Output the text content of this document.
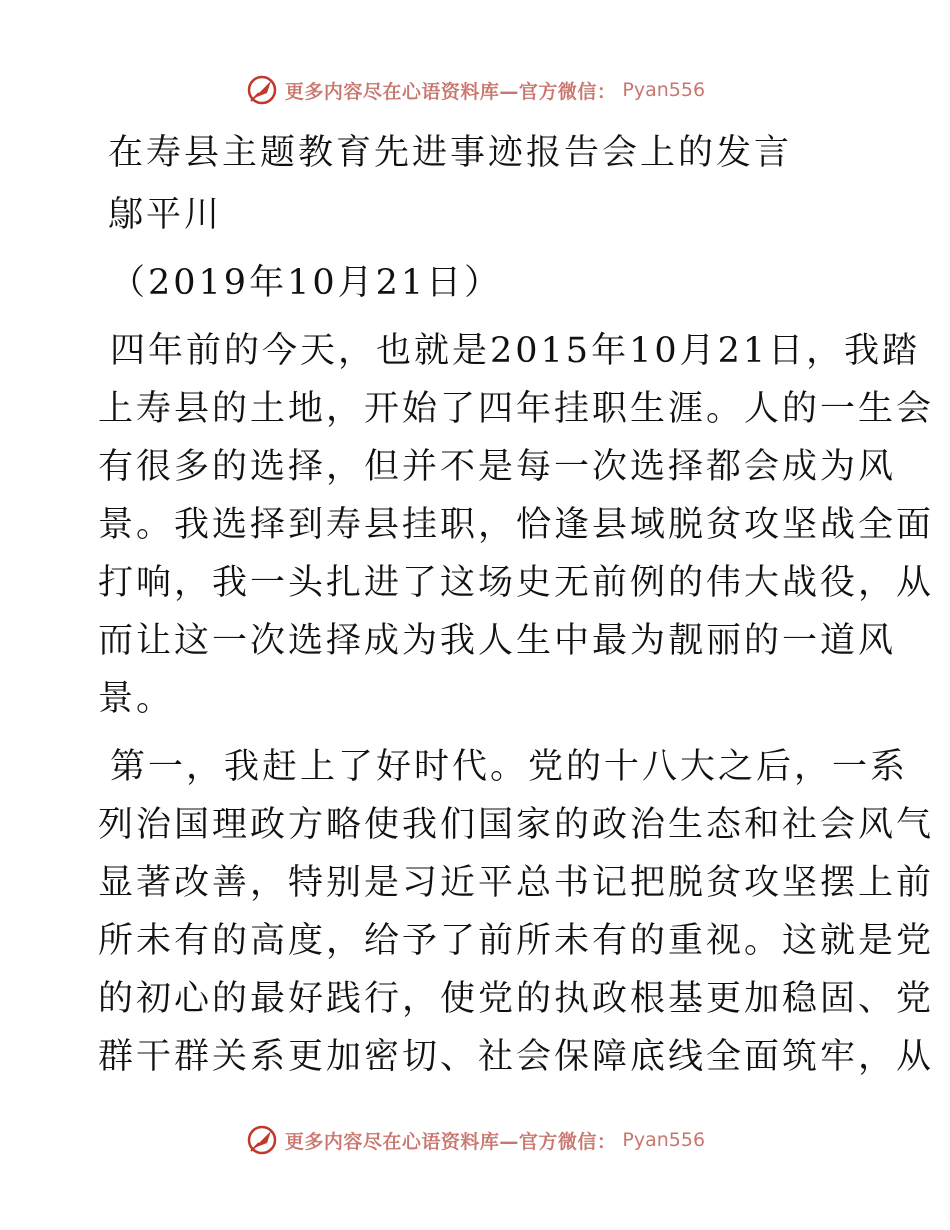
更多内容尽在心语资料库—官方微信： Pyan556
在寿县主题教育先进事迹报告会上的发言
鄔平川
（2019年10月21日）
四年前的今天，也就是2015年10月21日，我踏
上寿县的土地，开始了四年挂职生涯。人的一生会
有很多的选择，但并不是每一次选择都会成为风
景。我选择到寿县挂职，恰逢县域脱贫攻坚战全面
打响，我一头扎进了这场史无前例的伟大战役，从
而让这一次选择成为我人生中最为靓丽的一道风
景。
第一，我赶上了好时代。党的十八大之后，一系
列治国理政方略使我们国家的政治生态和社会风气
显著改善，特别是习近平总书记把脱贫攻坚摆上前
所未有的高度，给予了前所未有的重视。这就是党
的初心的最好践行，使党的执政根基更加稳固、党
群干群关系更加密切、社会保障底线全面筑牢，从
更多内容尽在心语资料库—官方微信： Pyan556
